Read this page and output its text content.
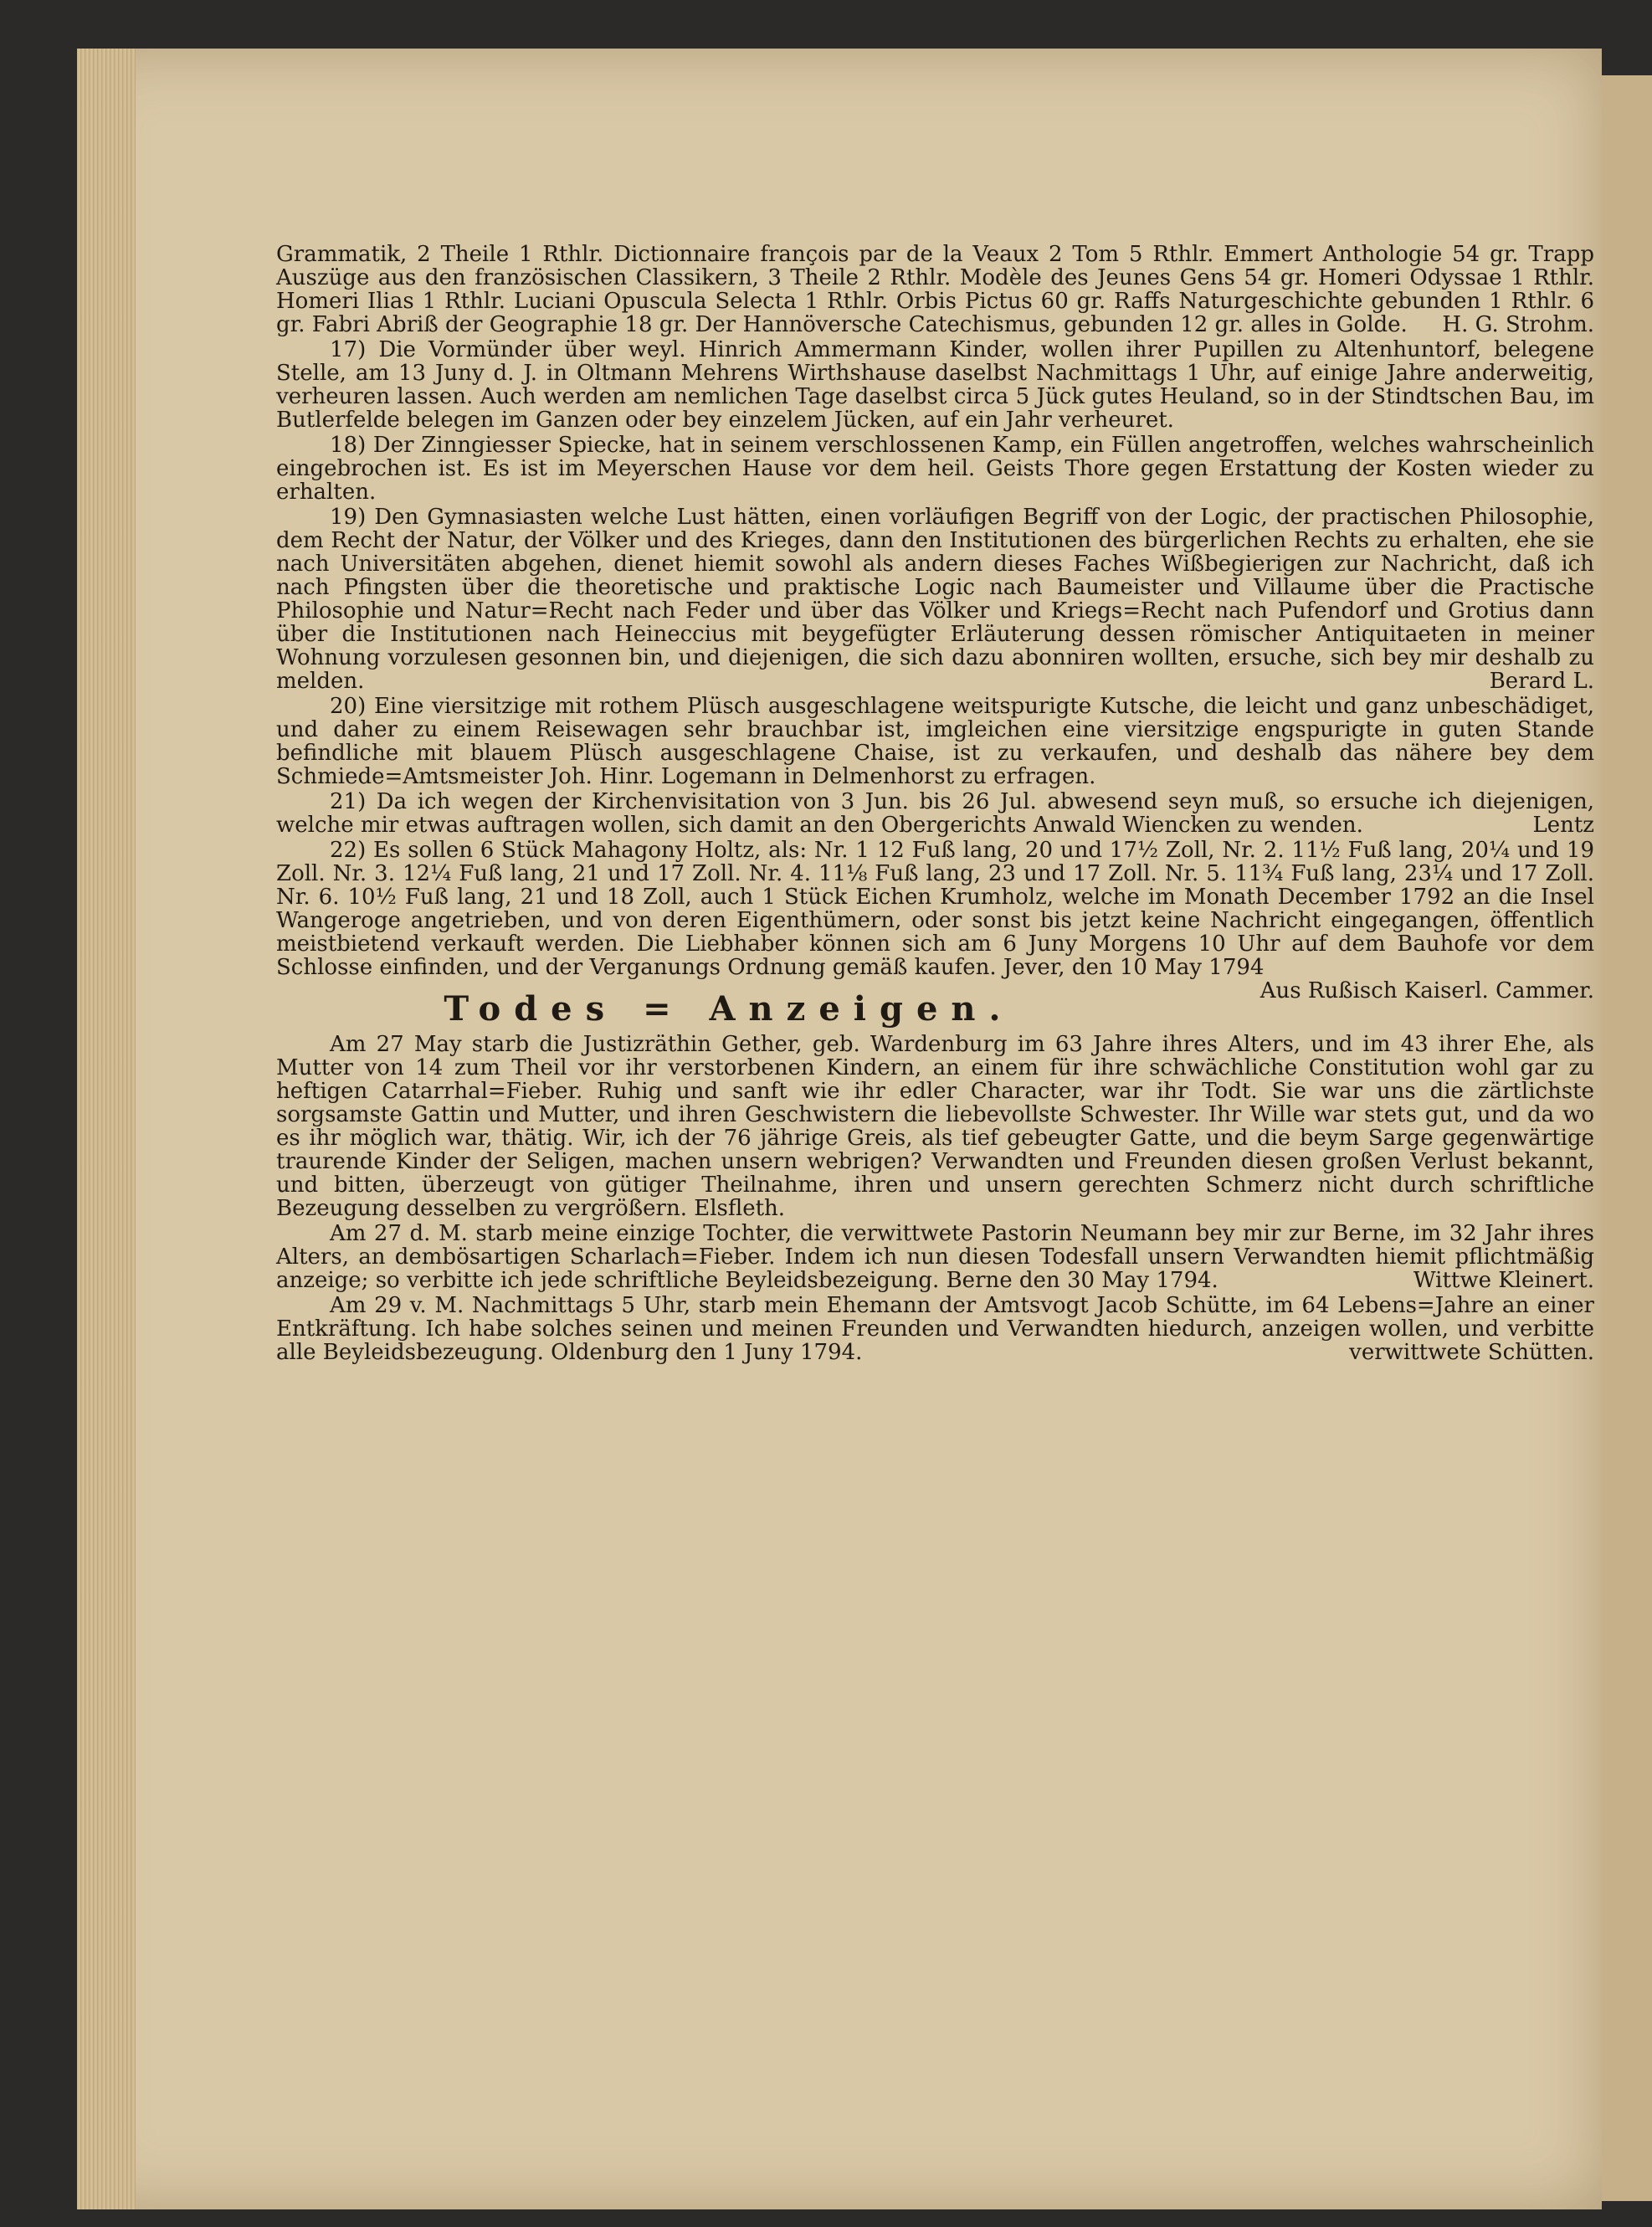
Grammatik, 2 Theile 1 Rthlr. Dictionnaire françois par de la Veaux 2 Tom 5 Rthlr. Emmert Anthologie 54 gr. Trapp Auszüge aus den französischen Classikern, 3 Theile 2 Rthlr. Modèle des Jeunes Gens 54 gr. Homeri Odyssae 1 Rthlr. Homeri Ilias 1 Rthlr. Luciani Opuscula Selecta 1 Rthlr. Orbis Pictus 60 gr. Raffs Naturgeschichte gebunden 1 Rthlr. 6 gr. Fabri Abriß der Geographie 18 gr. Der Hannöversche Catechismus, gebunden 12 gr. alles in Golde. H. G. Strohm.

17) Die Vormünder über weyl. Hinrich Ammermann Kinder, wollen ihrer Pupillen zu Altenhuntorf, belegene Stelle, am 13 Juny d. J. in Oltmann Mehrens Wirthshause daselbst Nachmittags 1 Uhr, auf einige Jahre anderweitig, verheuren lassen. Auch werden am nemlichen Tage daselbst circa 5 Jück gutes Heuland, so in der Stindtschen Bau, im Butlerfelde belegen im Ganzen oder bey einzelem Jücken, auf ein Jahr verheuret.

18) Der Zinngiesser Spiecke, hat in seinem verschlossenen Kamp, ein Füllen angetroffen, welches wahrscheinlich eingebrochen ist. Es ist im Meyerschen Hause vor dem heil. Geists Thore gegen Erstattung der Kosten wieder zu erhalten.

19) Den Gymnasiasten welche Lust hätten, einen vorläufigen Begriff von der Logic, der practischen Philosophie, dem Recht der Natur, der Völker und des Krieges, dann den Institutionen des bürgerlichen Rechts zu erhalten, ehe sie nach Universitäten abgehen, dienet hiemit sowohl als andern dieses Faches Wißbegierigen zur Nachricht, daß ich nach Pfingsten über die theoretische und praktische Logic nach Baumeister und Villaume über die Practische Philosophie und Natur=Recht nach Feder und über das Völker und Kriegs=Recht nach Pufendorf und Grotius dann über die Institutionen nach Heineccius mit beygefügter Erläuterung dessen römischer Antiquitaeten in meiner Wohnung vorzulesen gesonnen bin, und diejenigen, die sich dazu abonniren wollten, ersuche, sich bey mir deshalb zu melden.	Berard L.

20) Eine viersitzige mit rothem Plüsch ausgeschlagene weitspurigte Kutsche, die leicht und ganz unbeschädiget, und daher zu einem Reisewagen sehr brauchbar ist, imgleichen eine viersitzige engspurigte in guten Stande befindliche mit blauem Plüsch ausgeschlagene Chaise, ist zu verkaufen, und deshalb das nähere bey dem Schmiede=Amtsmeister Joh. Hinr. Logemann in Delmenhorst zu erfragen.

21) Da ich wegen der Kirchenvisitation von 3 Jun. bis 26 Jul. abwesend seyn muß, so ersuche ich diejenigen, welche mir etwas auftragen wollen, sich damit an den Obergerichts Anwald Wiencken zu wenden.	Lentz

22) Es sollen 6 Stück Mahagony Holtz, als: Nr. 1 12 Fuß lang, 20 und 17½ Zoll, Nr. 2. 11½ Fuß lang, 20¼ und 19 Zoll. Nr. 3. 12¼ Fuß lang, 21 und 17 Zoll. Nr. 4. 11⅛ Fuß lang, 23 und 17 Zoll. Nr. 5. 11¾ Fuß lang, 23¼ und 17 Zoll. Nr. 6. 10½ Fuß lang, 21 und 18 Zoll, auch 1 Stück Eichen Krumholz, welche im Monath December 1792 an die Insel Wangeroge angetrieben, und von deren Eigenthümern, oder sonst bis jetzt keine Nachricht eingegangen, öffentlich meistbietend verkauft werden. Die Liebhaber können sich am 6 Juny Morgens 10 Uhr auf dem Bauhofe vor dem Schlosse einfinden, und der Verganungs Ordnung gemäß kaufen. Jever, den 10 May 1794
Aus Rußisch Kaiserl. Cammer.

Todes = Anzeigen.

Am 27 May starb die Justizräthin Gether, geb. Wardenburg im 63 Jahre ihres Alters, und im 43 ihrer Ehe, als Mutter von 14 zum Theil vor ihr verstorbenen Kindern, an einem für ihre schwächliche Constitution wohl gar zu heftigen Catarrhal=Fieber. Ruhig und sanft wie ihr edler Character, war ihr Todt. Sie war uns die zärtlichste sorgsamste Gattin und Mutter, und ihren Geschwistern die liebevollste Schwester. Ihr Wille war stets gut, und da wo es ihr möglich war, thätig. Wir, ich der 76 jährige Greis, als tief gebeugter Gatte, und die beym Sarge gegenwärtige traurende Kinder der Seligen, machen unsern webrigen? Verwandten und Freunden diesen großen Verlust bekannt, und bitten, überzeugt von gütiger Theilnahme, ihren und unsern gerechten Schmerz nicht durch schriftliche Bezeugung desselben zu vergrößern. Elsfleth.

Am 27 d. M. starb meine einzige Tochter, die verwittwete Pastorin Neumann bey mir zur Berne, im 32 Jahr ihres Alters, an dembösartigen Scharlach=Fieber. Indem ich nun diesen Todesfall unsern Verwandten hiemit pflichtmäßig anzeige; so verbitte ich jede schriftliche Beyleidsbezeigung. Berne den 30 May 1794.	Wittwe Kleinert.

Am 29 v. M. Nachmittags 5 Uhr, starb mein Ehemann der Amtsvogt Jacob Schütte, im 64 Lebens=Jahre an einer Entkräftung. Ich habe solches seinen und meinen Freunden und Verwandten hiedurch, anzeigen wollen, und verbitte alle Beyleidsbezeugung. Oldenburg den 1 Juny 1794.	verwittwete Schütten.
